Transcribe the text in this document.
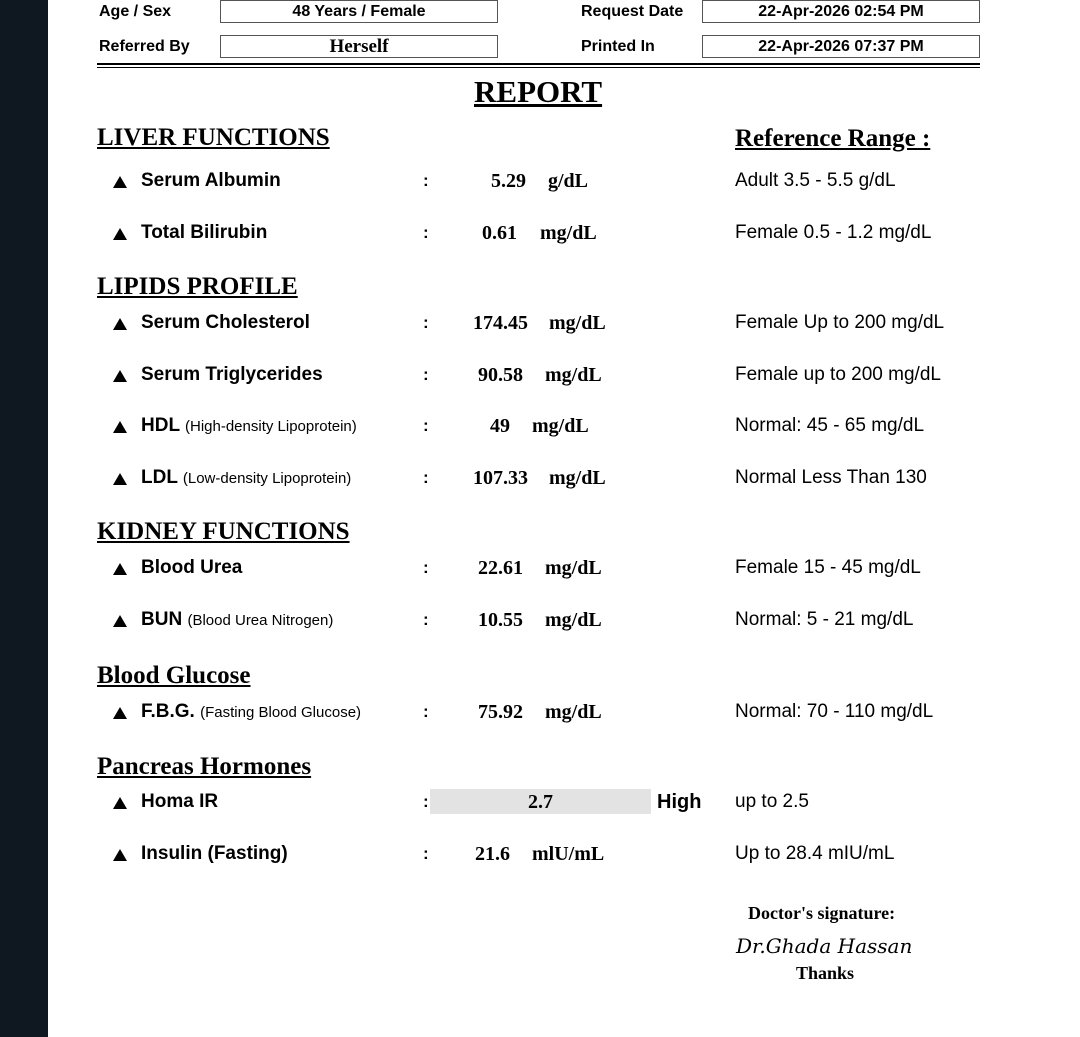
Age / Sex	48 Years / Female	Request Date	22-Apr-2026 02:54 PM
Referred By	Herself	Printed In	22-Apr-2026 07:37 PM
REPORT
LIVER FUNCTIONS	Reference Range :
LIPIDS PROFILE
KIDNEY FUNCTIONS
Blood Glucose
Pancreas Hormones
Serum Albumin	:	5.29 g/dL	Adult 3.5 - 5.5 g/dL
Total Bilirubin	:	0.61 mg/dL	Female 0.5 - 1.2 mg/dL
Serum Cholesterol	: 174.45 mg/dL	Female Up to 200 mg/dL
Serum Triglycerides	: 90.58 mg/dL	Female up to 200 mg/dL
HDL (High-density Lipoprotein)	:	49 mg/dL	Normal: 45 - 65 mg/dL
LDL (Low-density Lipoprotein)	: 107.33 mg/dL	Normal Less Than 130
Blood Urea	: 22.61 mg/dL	Female 15 - 45 mg/dL
BUN (Blood Urea Nitrogen)	: 10.55 mg/dL	Normal: 5 - 21 mg/dL
F.B.G. (Fasting Blood Glucose)	: 75.92 mg/dL	Normal: 70 - 110 mg/dL
Homa IR	:	2.7	High up to 2.5
Insulin (Fasting)	: 21.6 mlU/mL	Up to 28.4 mIU/mL
Doctor's signature:
Dr.Ghada Hassan
Thanks
